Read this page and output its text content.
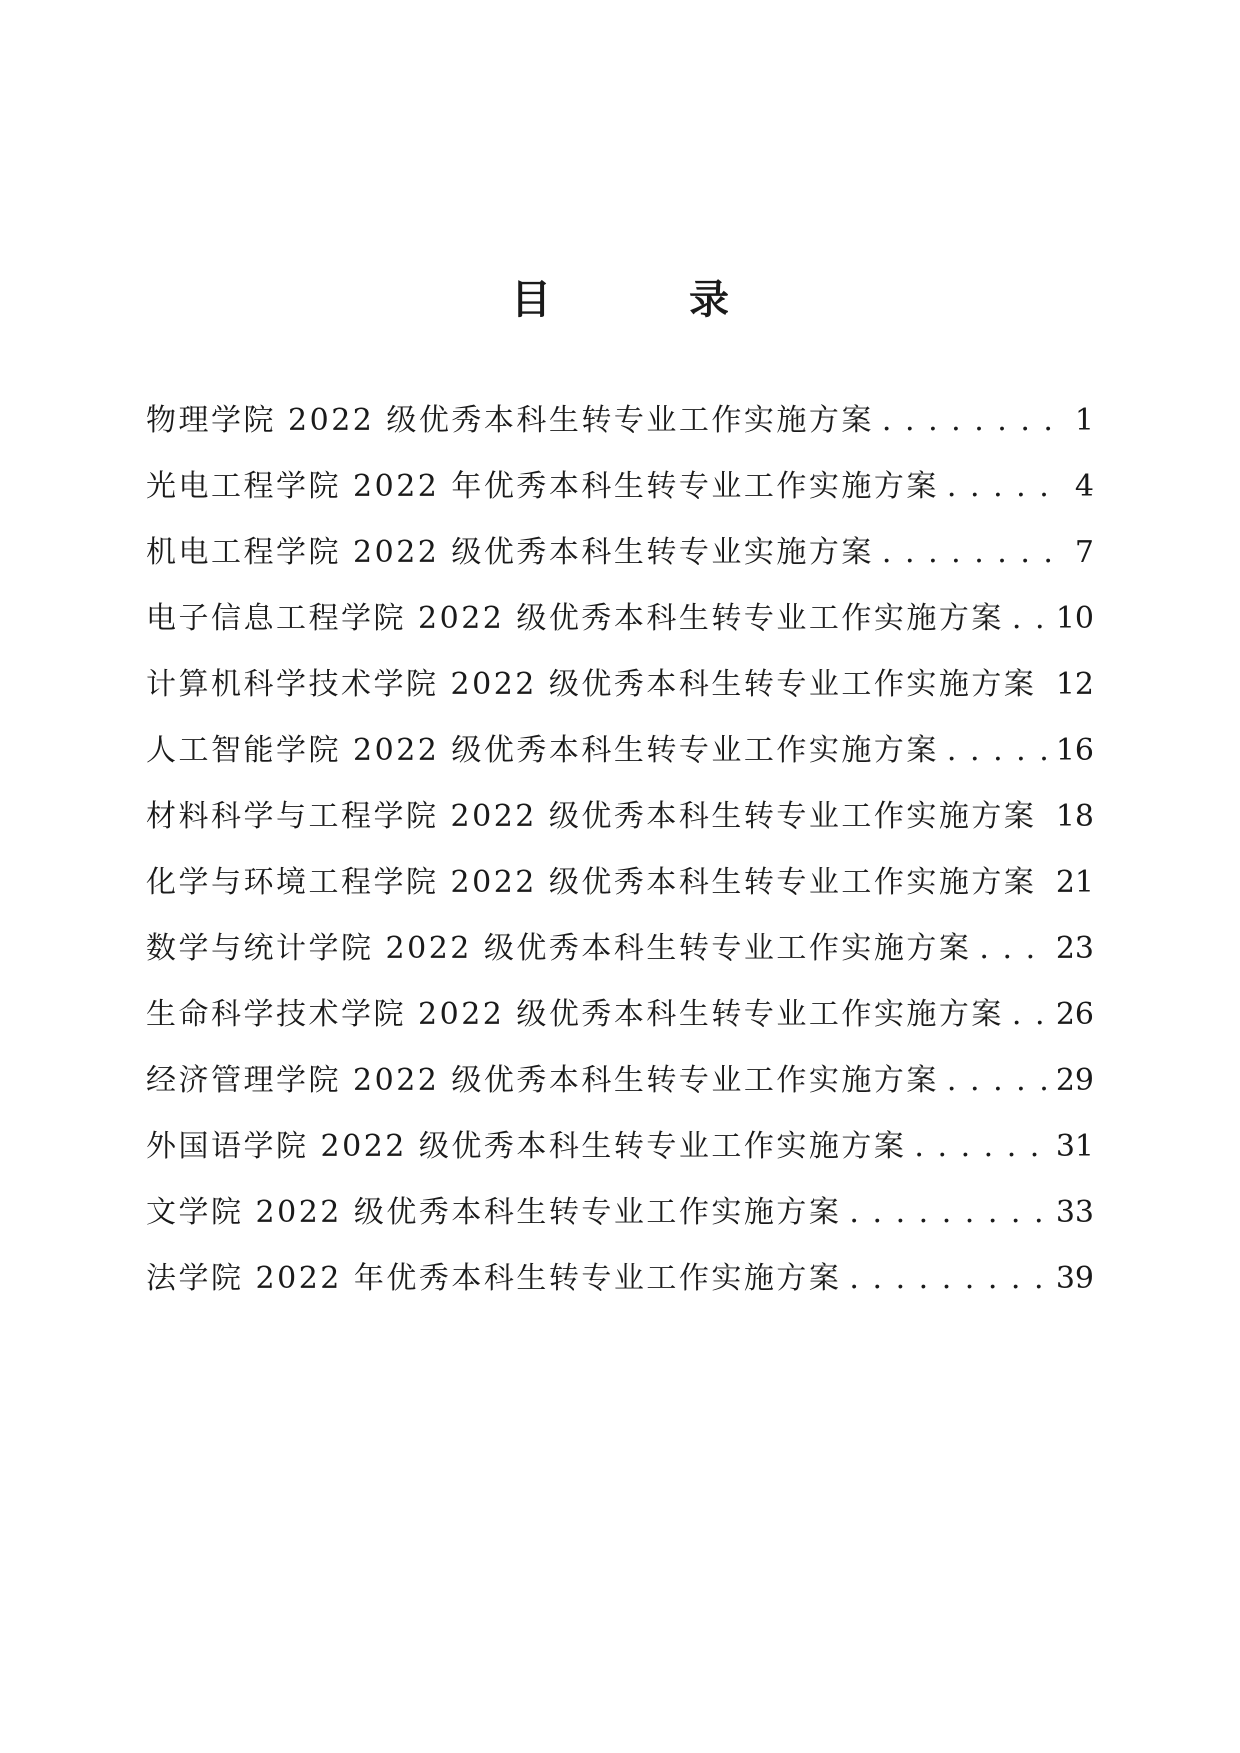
目 录
物理学院 2022 级优秀本科生转专业工作实施方案 . . .	1
光电工程学院 2022 年优秀本科生转专业工作实施方案 . . .	4
机电工程学院 2022 级优秀本科生转专业实施方案 . . .	7
电子信息工程学院 2022 级优秀本科生转专业工作实施方案 . . . 10
计算机科学技术学院 2022 级优秀本科生转专业工作实施方案 . . . 12
人工智能学院 2022 级优秀本科生转专业工作实施方案 . . .	16
材料科学与工程学院 2022 级优秀本科生转专业工作实施方案 . . . 18
化学与环境工程学院 2022 级优秀本科生转专业工作实施方案 . . . 21
数学与统计学院 2022 级优秀本科生转专业工作实施方案 . . .	23
生命科学技术学院 2022 级优秀本科生转专业工作实施方案 . . . 26
经济管理学院 2022 级优秀本科生转专业工作实施方案 . . .	29
外国语学院 2022 级优秀本科生转专业工作实施方案 . . .	31
文学院 2022 级优秀本科生转专业工作实施方案 . . .	33
法学院 2022 年优秀本科生转专业工作实施方案 . . .	39
